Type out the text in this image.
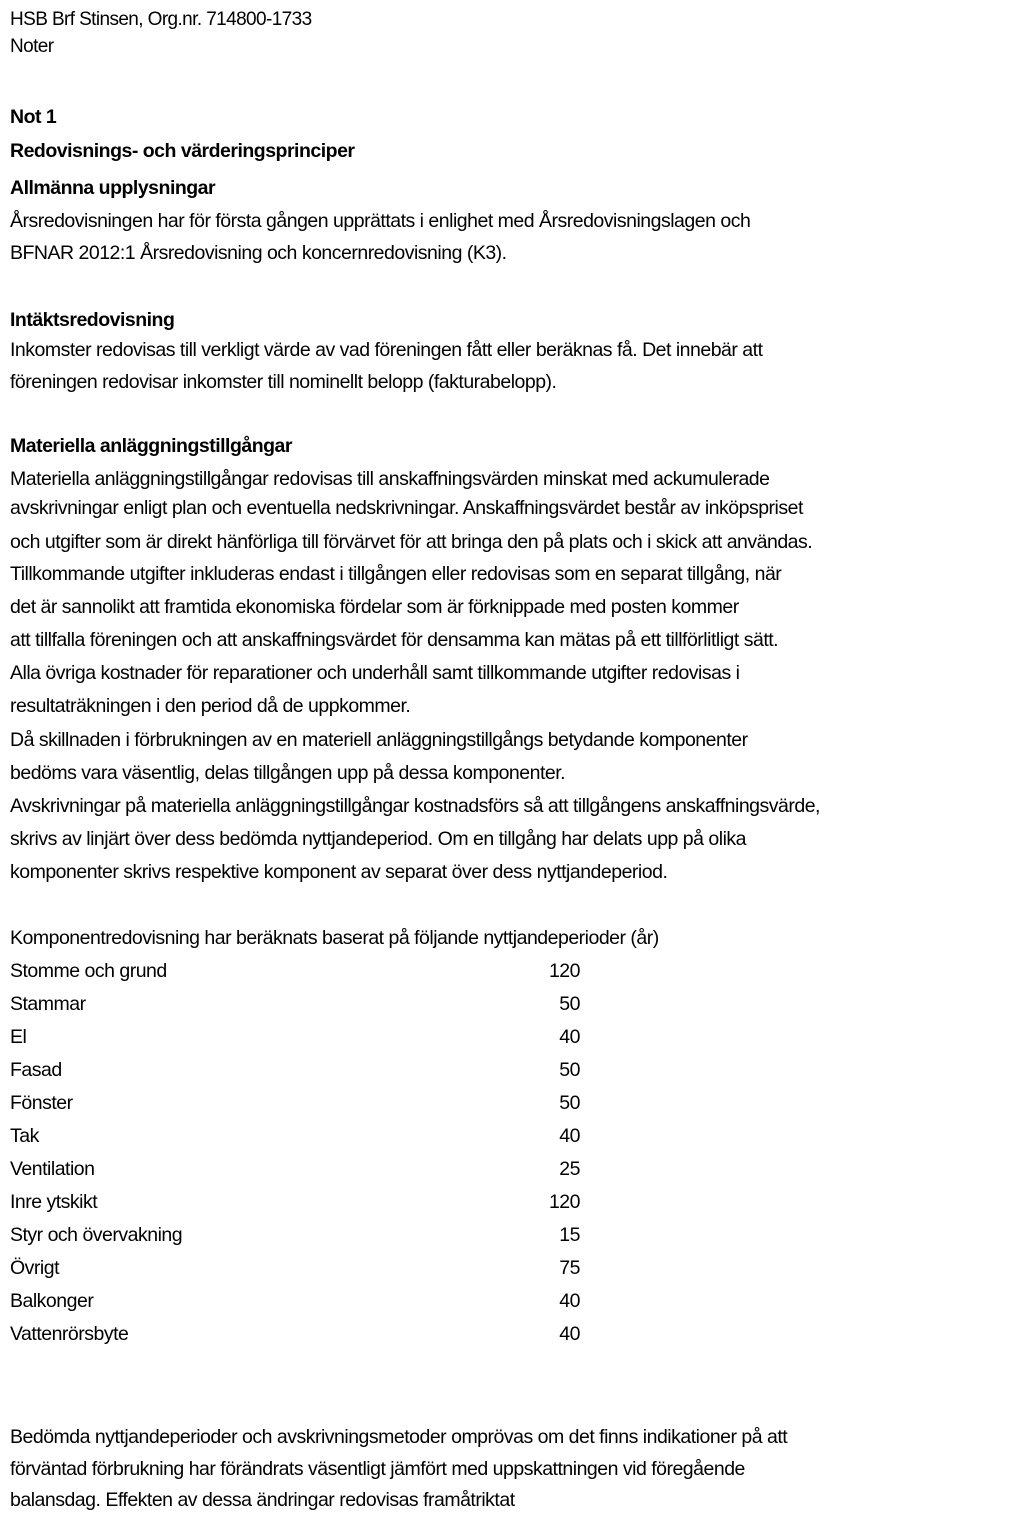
HSB Brf Stinsen, Org.nr. 714800-1733
Noter
Not 1
Redovisnings- och värderingsprinciper
Allmänna upplysningar
Årsredovisningen har för första gången upprättats i enlighet med Årsredovisningslagen och
BFNAR 2012:1 Årsredovisning och koncernredovisning (K3).
Intäktsredovisning
Inkomster redovisas till verkligt värde av vad föreningen fått eller beräknas få. Det innebär att
föreningen redovisar inkomster till nominellt belopp (fakturabelopp).
Materiella anläggningstillgångar
Materiella anläggningstillgångar redovisas till anskaffningsvärden minskat med ackumulerade
avskrivningar enligt plan och eventuella nedskrivningar. Anskaffningsvärdet består av inköpspriset
och utgifter som är direkt hänförliga till förvärvet för att bringa den på plats och i skick att användas.
Tillkommande utgifter inkluderas endast i tillgången eller redovisas som en separat tillgång, när
det är sannolikt att framtida ekonomiska fördelar som är förknippade med posten kommer
att tillfalla föreningen och att anskaffningsvärdet för densamma kan mätas på ett tillförlitligt sätt.
Alla övriga kostnader för reparationer och underhåll samt tillkommande utgifter redovisas i
resultaträkningen i den period då de uppkommer.
Då skillnaden i förbrukningen av en materiell anläggningstillgångs betydande komponenter
bedöms vara väsentlig, delas tillgången upp på dessa komponenter.
Avskrivningar på materiella anläggningstillgångar kostnadsförs så att tillgångens anskaffningsvärde,
skrivs av linjärt över dess bedömda nyttjandeperiod. Om en tillgång har delats upp på olika
komponenter skrivs respektive komponent av separat över dess nyttjandeperiod.
Komponentredovisning har beräknats baserat på följande nyttjandeperioder (år)
Stomme och grund	120
Stammar	50
El	40
Fasad	50
Fönster	50
Tak	40
Ventilation	25
Inre ytskikt	120
Styr och övervakning	15
Övrigt	75
Balkonger	40
Vattenrörsbyte	40
Bedömda nyttjandeperioder och avskrivningsmetoder omprövas om det finns indikationer på att
förväntad förbrukning har förändrats väsentligt jämfört med uppskattningen vid föregående
balansdag. Effekten av dessa ändringar redovisas framåtriktat
